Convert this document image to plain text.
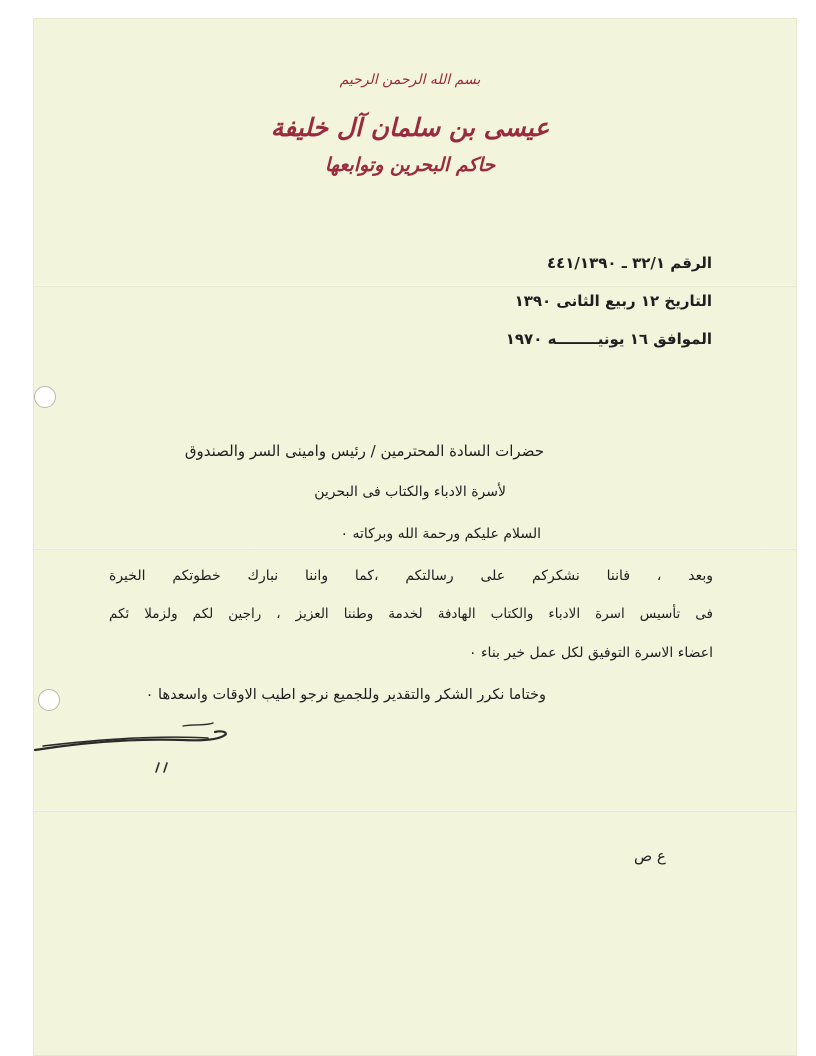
بسم الله الرحمن الرحيم
عيسى بن سلمان آل خليفة
حاكم البحرين وتوابعها
الرقم ٣٢/١ ـ ٤٤١/١٣٩٠
التاريخ ١٢ ربيع الثانى ١٣٩٠
الموافق ١٦ يونيــــــــه ١٩٧٠
حضرات السادة المحترمين / رئيس وامينى السر والصندوق
لأسرة الادباء والكتاب فى البحرين
السلام عليكم ورحمة الله وبركاته ٠
وبعد ، فاننا نشكركم على رسالتكم ،كما واننا نبارك خطوتكم الخيرة
فى تأسيس اسرة الادباء والكتاب الهادفة لخدمة وطننا العزيز ، راجين لكم ولزملا ئكم
اعضاء الاسرة التوفيق لكل عمل خير بناء ٠
وختاما نكرر الشكر والتقدير وللجميع نرجو اطيب الاوقات واسعدها ٠
ع ص
